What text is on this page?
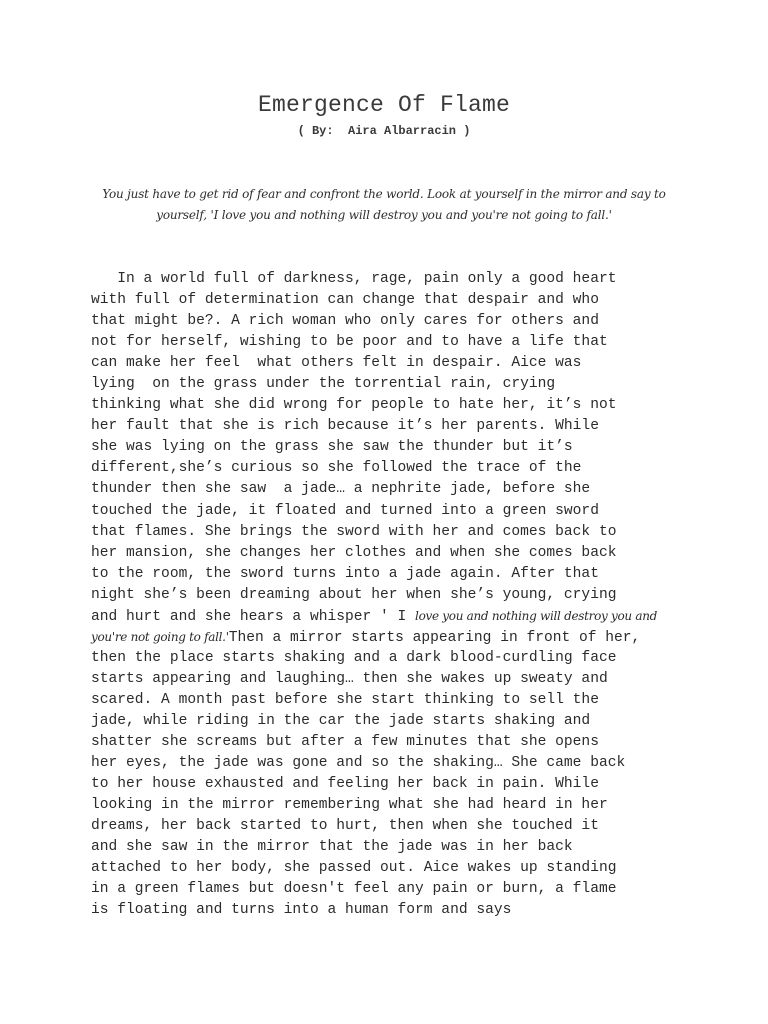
Emergence Of Flame
( By:  Aira Albarracin )
You just have to get rid of fear and confront the world. Look at yourself in the mirror and say to yourself, 'I love you and nothing will destroy you and you're not going to fall.'
In a world full of darkness, rage, pain only a good heart
with full of determination can change that despair and who
that might be?. A rich woman who only cares for others and
not for herself, wishing to be poor and to have a life that
can make her feel  what others felt in despair. Aice was
lying  on the grass under the torrential rain, crying
thinking what she did wrong for people to hate her, it’s not
her fault that she is rich because it’s her parents. While
she was lying on the grass she saw the thunder but it’s
different,she’s curious so she followed the trace of the
thunder then she saw  a jade… a nephrite jade, before she
touched the jade, it floated and turned into a green sword
that flames. She brings the sword with her and comes back to
her mansion, she changes her clothes and when she comes back
to the room, the sword turns into a jade again. After that
night she’s been dreaming about her when she’s young, crying
and hurt and she hears a whisper ' I love you and nothing will destroy you and
you're not going to fall.'Then a mirror starts appearing in front of her,
then the place starts shaking and a dark blood-curdling face
starts appearing and laughing… then she wakes up sweaty and
scared. A month past before she start thinking to sell the
jade, while riding in the car the jade starts shaking and
shatter she screams but after a few minutes that she opens
her eyes, the jade was gone and so the shaking… She came back
to her house exhausted and feeling her back in pain. While
looking in the mirror remembering what she had heard in her
dreams, her back started to hurt, then when she touched it
and she saw in the mirror that the jade was in her back
attached to her body, she passed out. Aice wakes up standing
in a green flames but doesn't feel any pain or burn, a flame
is floating and turns into a human form and says
